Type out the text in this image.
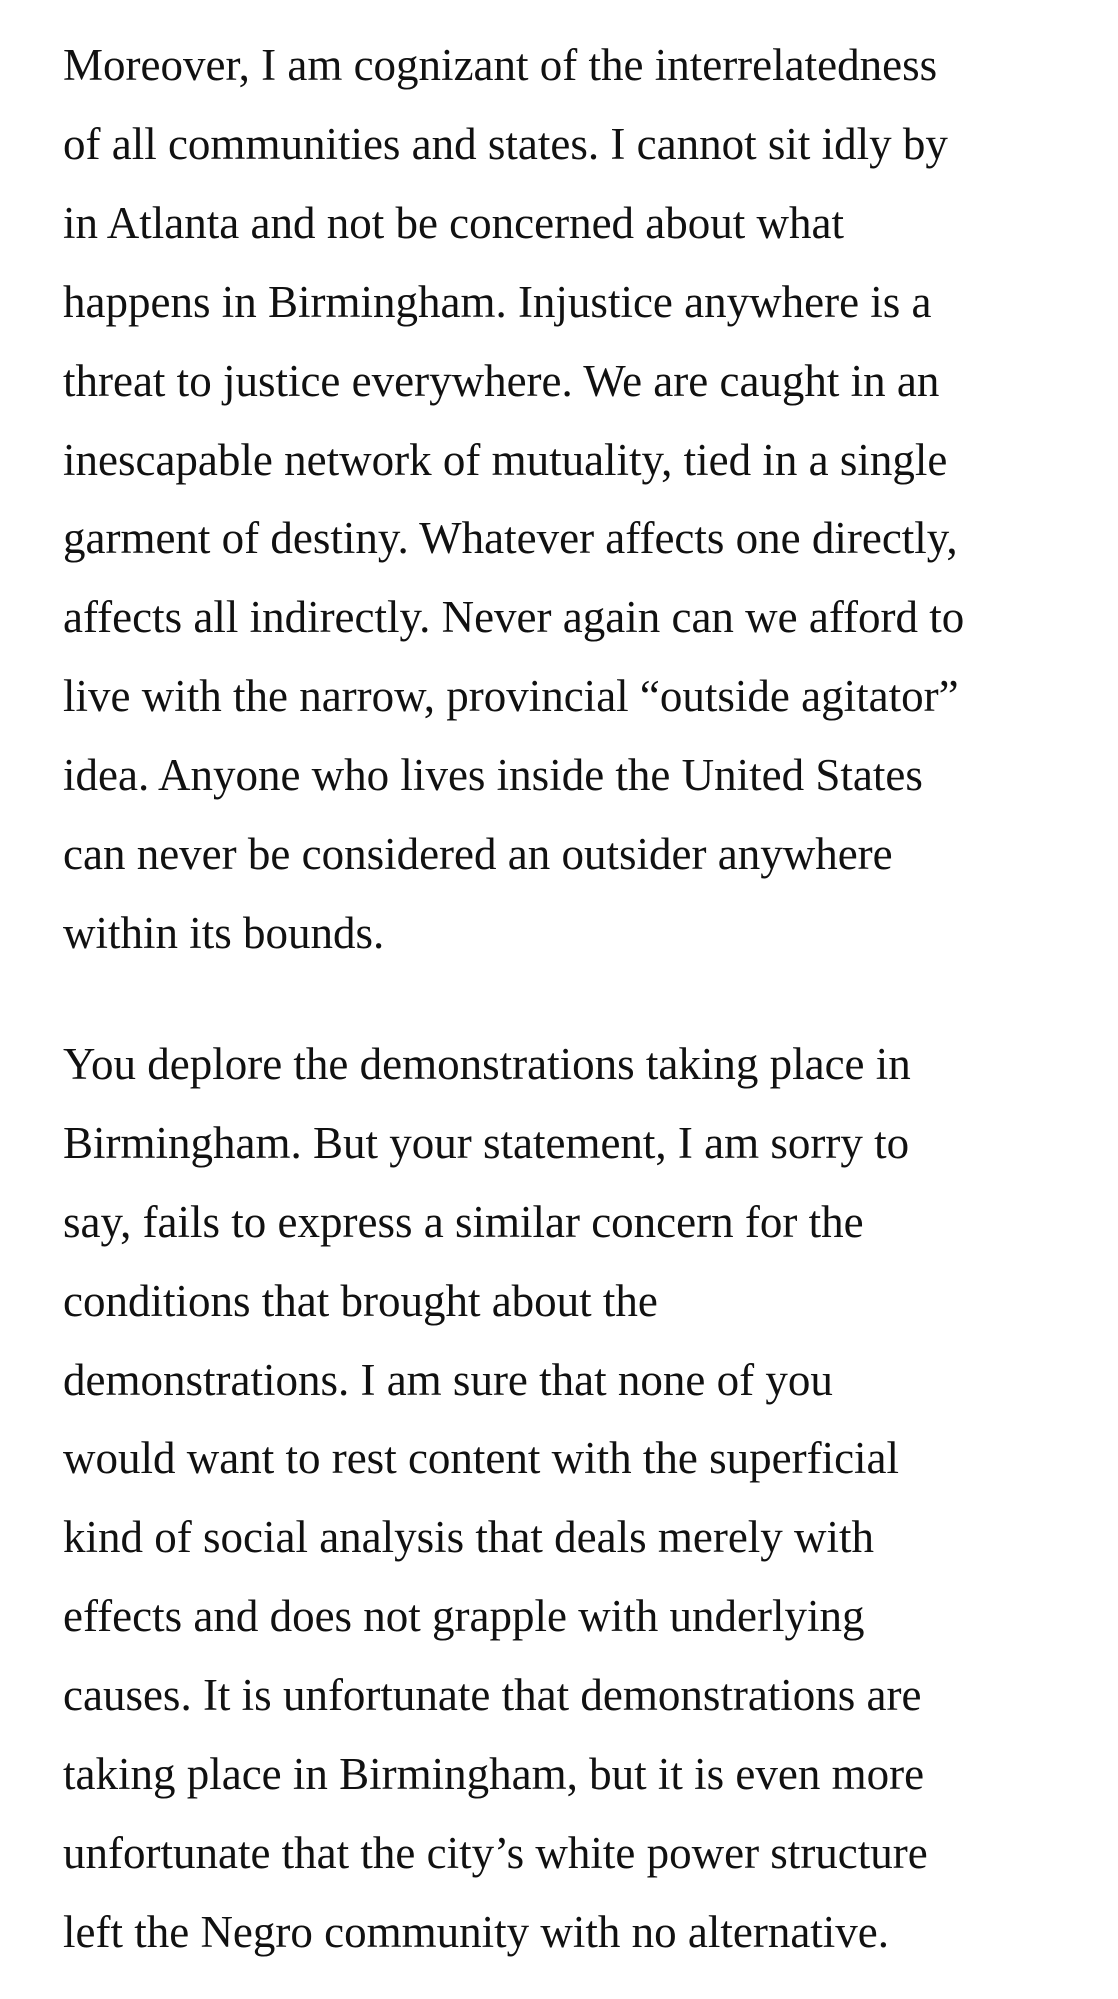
Moreover, I am cognizant of the interrelatedness
of all communities and states. I cannot sit idly by
in Atlanta and not be concerned about what
happens in Birmingham. Injustice anywhere is a
threat to justice everywhere. We are caught in an
inescapable network of mutuality, tied in a single
garment of destiny. Whatever affects one directly,
affects all indirectly. Never again can we afford to
live with the narrow, provincial “outside agitator”
idea. Anyone who lives inside the United States
can never be considered an outsider anywhere
within its bounds.

You deplore the demonstrations taking place in
Birmingham. But your statement, I am sorry to
say, fails to express a similar concern for the
conditions that brought about the
demonstrations. I am sure that none of you
would want to rest content with the superficial
kind of social analysis that deals merely with
effects and does not grapple with underlying
causes. It is unfortunate that demonstrations are
taking place in Birmingham, but it is even more
unfortunate that the city’s white power structure
left the Negro community with no alternative.
